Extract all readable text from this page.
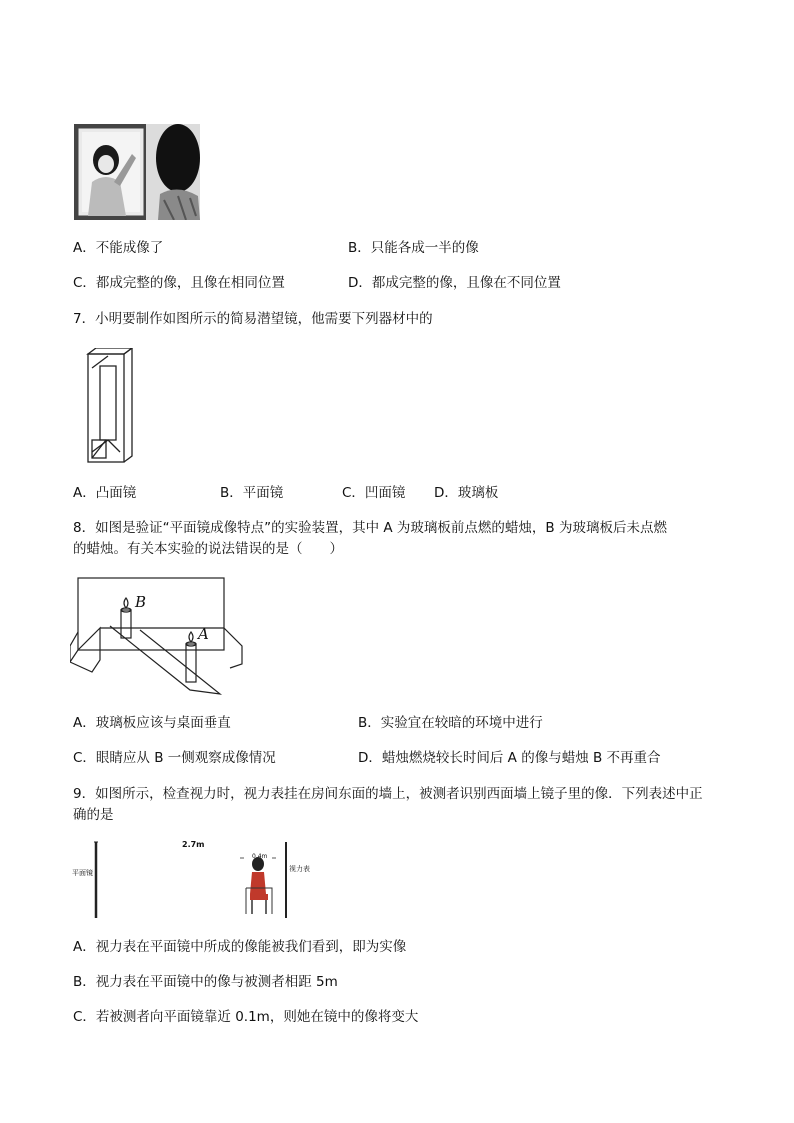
A．不能成像了	B．只能各成一半的像
C．都成完整的像，且像在相同位置	D．都成完整的像，且像在不同位置
7．小明要制作如图所示的简易潜望镜，他需要下列器材中的
A．凸面镜	B．平面镜	C．凹面镜 D．玻璃板
8．如图是验证“平面镜成像特点”的实验装置，其中 A 为玻璃板前点燃的蜡烛，B 为玻璃板后未点燃
的蜡烛。有关本实验的说法错误的是（　　）
B
A
A．玻璃板应该与桌面垂直	B．实验宜在较暗的环境中进行
C．眼睛应从 B 一侧观察成像情况	D．蜡烛燃烧较长时间后 A 的像与蜡烛 B 不再重合
9．如图所示，检查视力时，视力表挂在房间东面的墙上，被测者识别西面墙上镜子里的像．下列表述中正
确的是
平面镜	视力表
2.7m
0.4m
A．视力表在平面镜中所成的像能被我们看到，即为实像
B．视力表在平面镜中的像与被测者相距 5m
C．若被测者向平面镜靠近 0.1m，则她在镜中的像将变大
